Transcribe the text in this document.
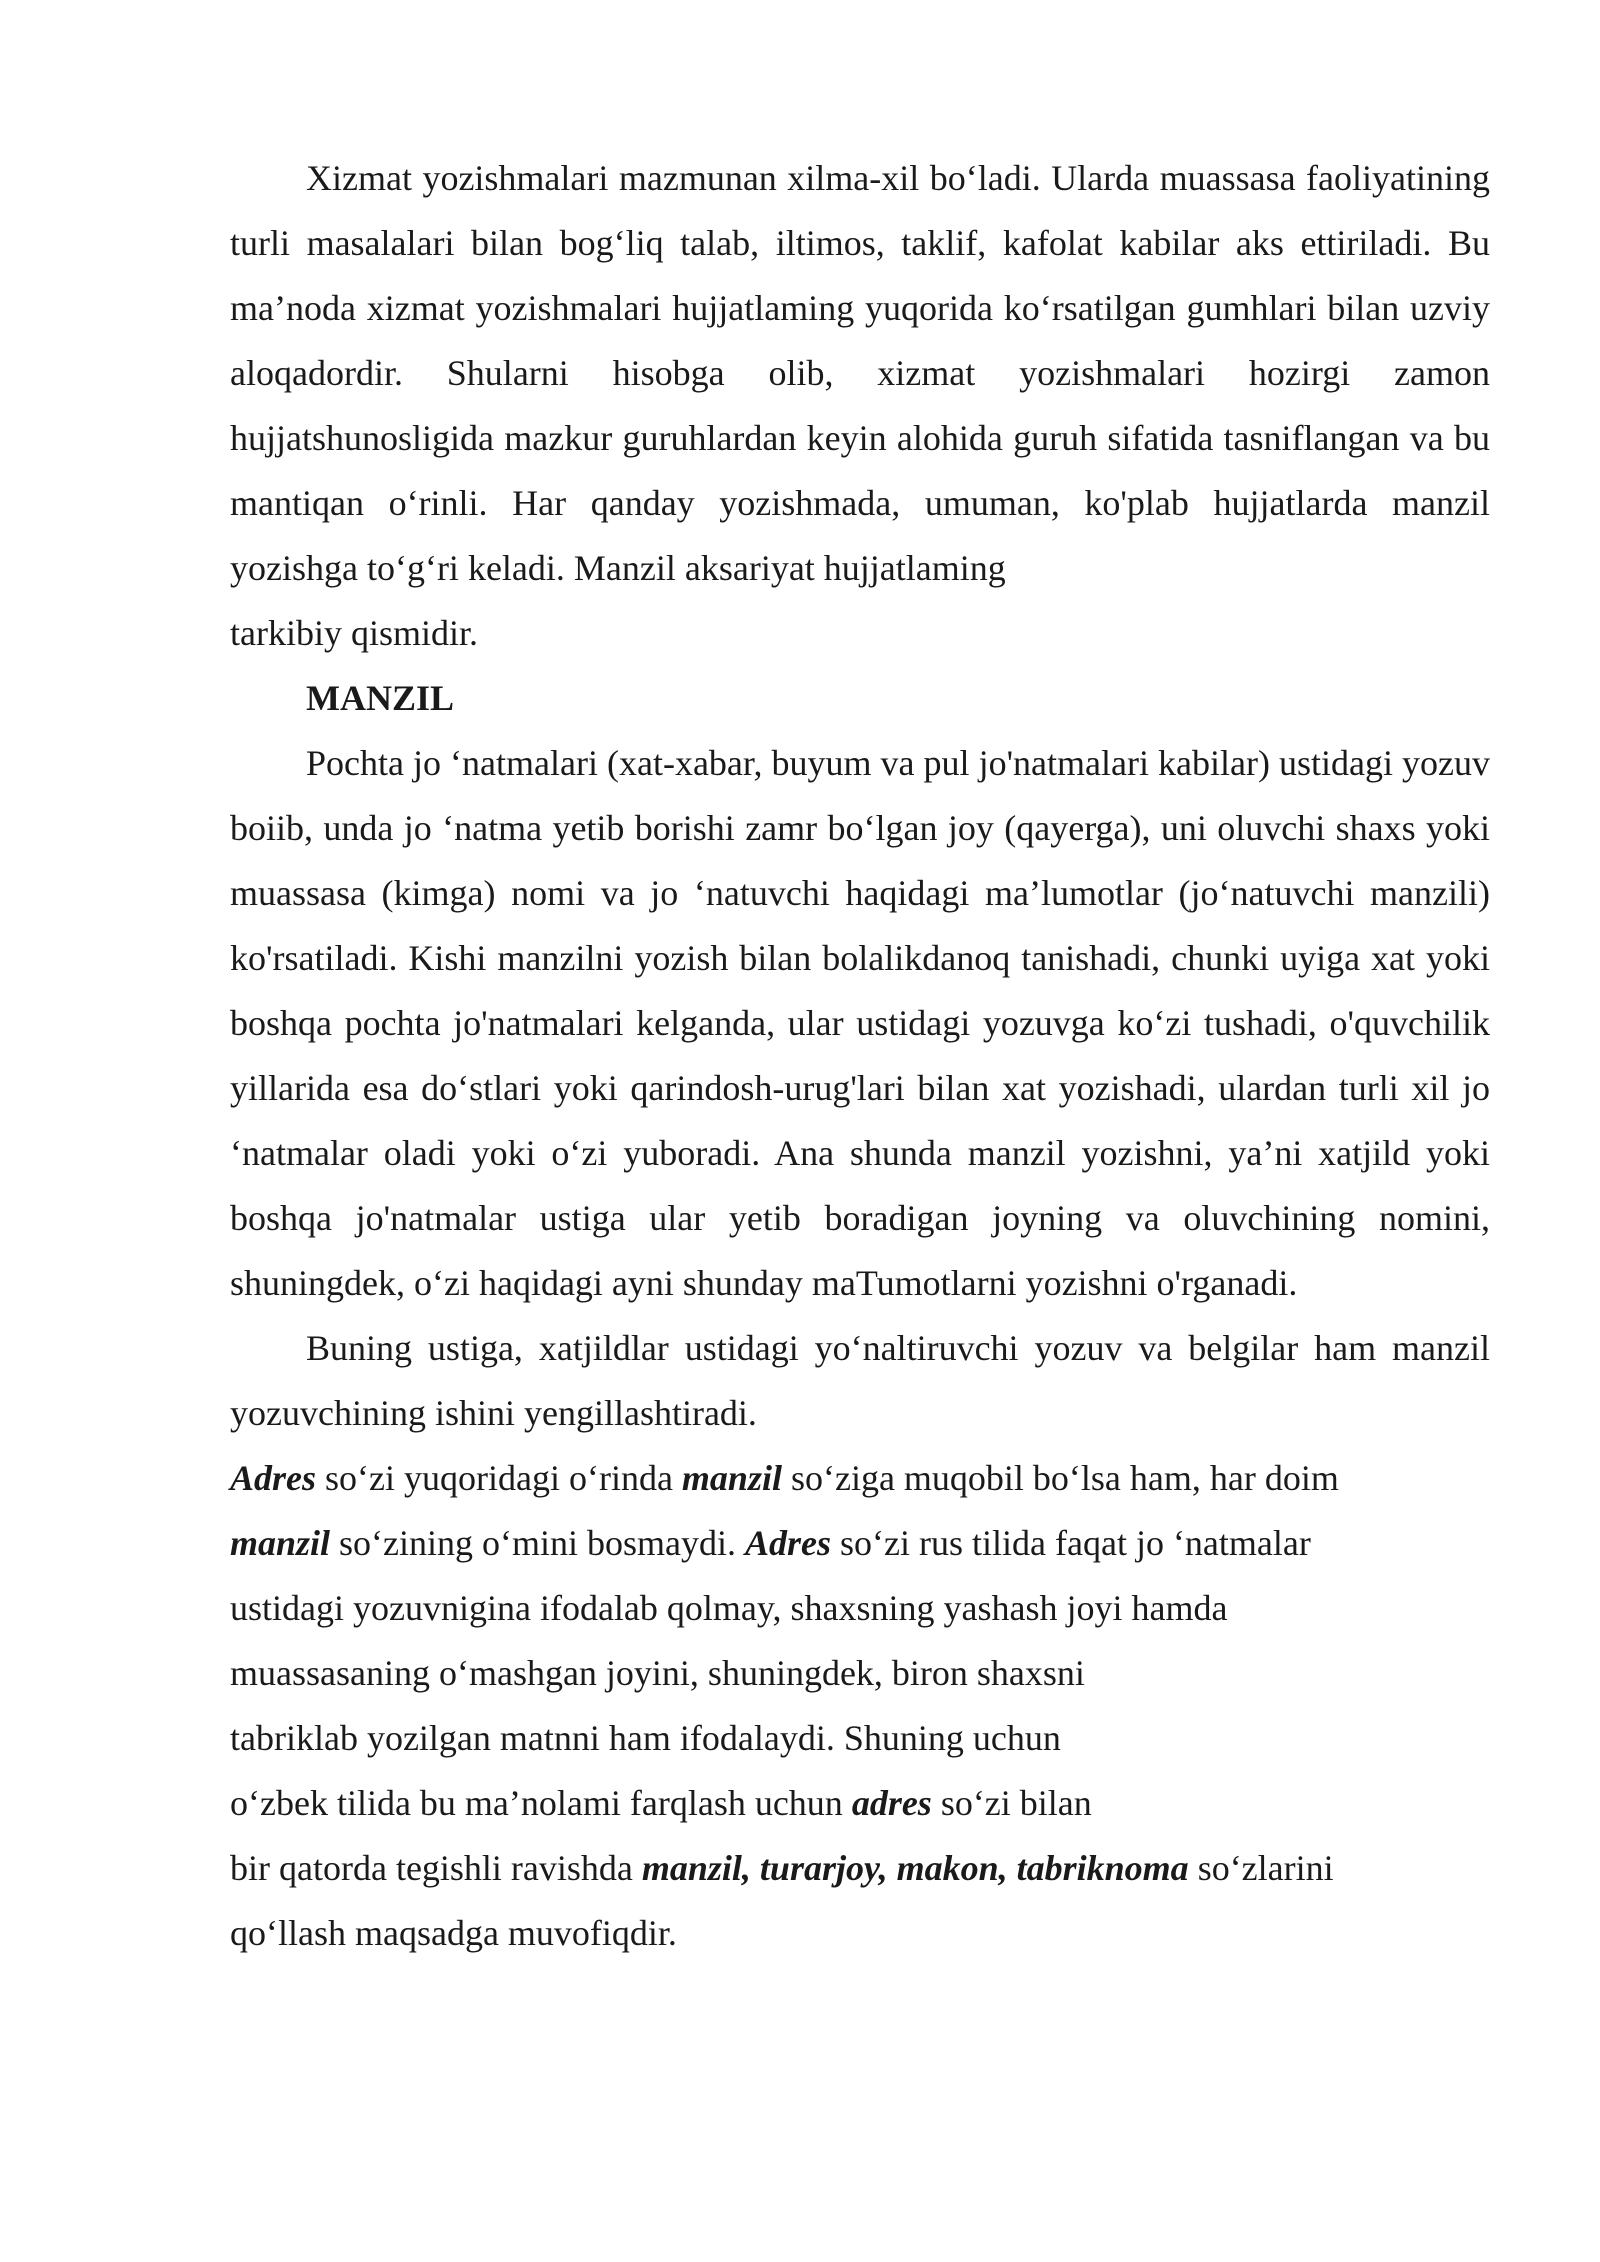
Xizmat yozishmalari mazmunan xilma-xil bo‘ladi. Ularda muassasa faoliyatining turli masalalari bilan bog‘liq talab, iltimos, taklif, kafolat kabilar aks ettiriladi. Bu ma’noda xizmat yozishmalari hujjatlaming yuqorida ko‘rsatilgan gumhlari bilan uzviy aloqadordir. Shularni hisobga olib, xizmat yozishmalari hozirgi zamon hujjatshunosligida mazkur guruhlardan keyin alohida guruh sifatida tasniflangan va bu mantiqan o‘rinli. Har qanday yozishmada, umuman, ko'plab hujjatlarda manzil yozishga to‘g‘ri keladi. Manzil aksariyat hujjatlaming

tarkibiy qismidir.

MANZIL

Pochta jo ‘natmalari (xat-xabar, buyum va pul jo'natmalari kabilar) ustidagi yozuv boiib, unda jo ‘natma yetib borishi zamr bo‘lgan joy (qayerga), uni oluvchi shaxs yoki muassasa (kimga) nomi va jo ‘natuvchi haqidagi ma’lumotlar (jo‘natuvchi manzili) ko'rsatiladi. Kishi manzilni yozish bilan bolalikdanoq tanishadi, chunki uyiga xat yoki boshqa pochta jo'natmalari kelganda, ular ustidagi yozuvga ko‘zi tushadi, o'quvchilik yillarida esa do‘stlari yoki qarindosh-urug'lari bilan xat yozishadi, ulardan turli xil jo ‘natmalar oladi yoki o‘zi yuboradi. Ana shunda manzil yozishni, ya’ni xatjild yoki boshqa jo'natmalar ustiga ular yetib boradigan joyning va oluvchining nomini, shuningdek, o‘zi haqidagi ayni shunday maTumotlarni yozishni o'rganadi.

Buning ustiga, xatjildlar ustidagi yo‘naltiruvchi yozuv va belgilar ham manzil yozuvchining ishini yengillashtiradi.

Adres so‘zi yuqoridagi o‘rinda manzil so‘ziga muqobil bo‘lsa ham, har doim

manzil so‘zining o‘mini bosmaydi. Adres so‘zi rus tilida faqat jo ‘natmalar

ustidagi yozuvnigina ifodalab qolmay, shaxsning yashash joyi hamda

muassasaning o‘mashgan joyini, shuningdek, biron shaxsni

tabriklab yozilgan matnni ham ifodalaydi. Shuning uchun

o‘zbek tilida bu ma’nolami farqlash uchun adres so‘zi bilan

bir qatorda tegishli ravishda manzil, turarjoy, makon, tabriknoma so‘zlarini

qo‘llash maqsadga muvofiqdir.
